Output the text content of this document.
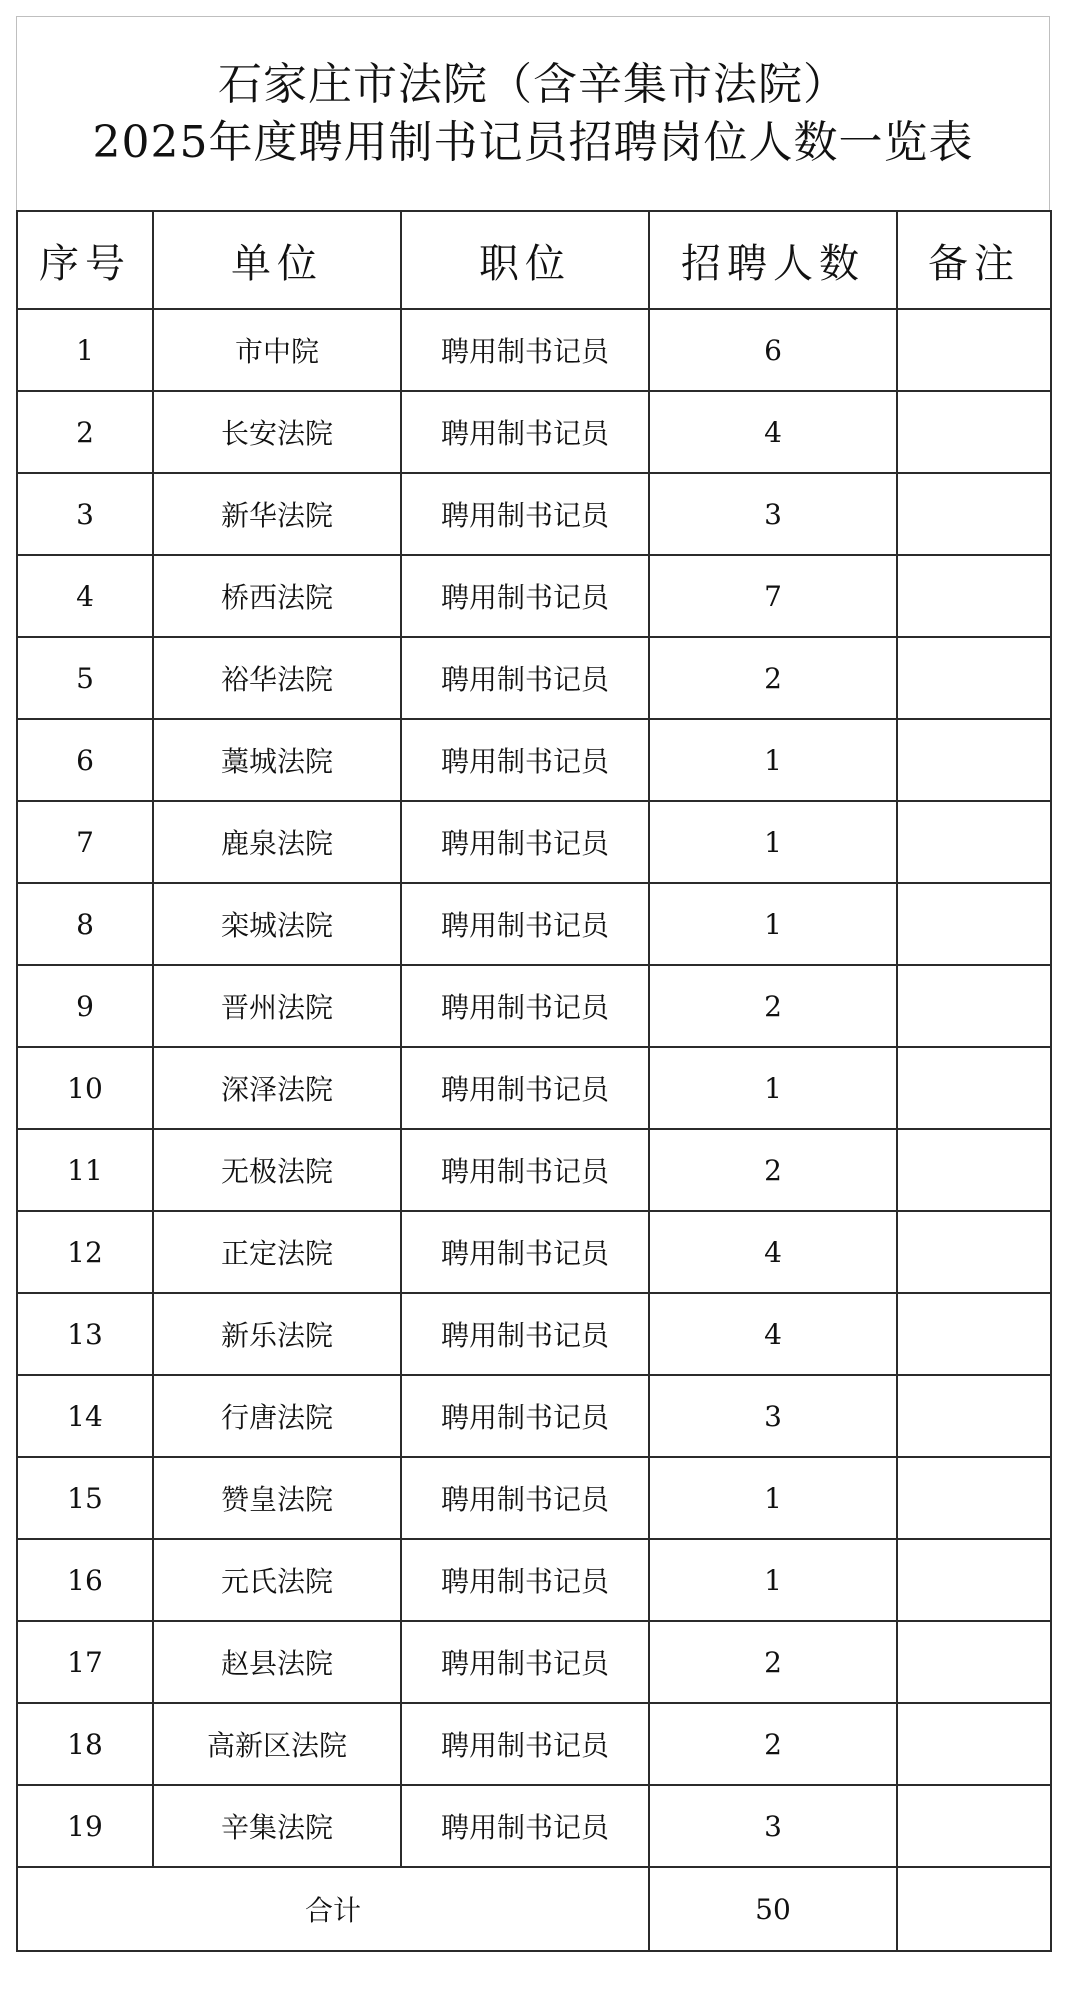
石家庄市法院（含辛集市法院）
2025年度聘用制书记员招聘岗位人数一览表
序号	单位	职位	招聘人数	备注
1	市中院	聘用制书记员	6	
2	长安法院	聘用制书记员	4	
3	新华法院	聘用制书记员	3	
4	桥西法院	聘用制书记员	7	
5	裕华法院	聘用制书记员	2	
6	藁城法院	聘用制书记员	1	
7	鹿泉法院	聘用制书记员	1	
8	栾城法院	聘用制书记员	1	
9	晋州法院	聘用制书记员	2	
10	深泽法院	聘用制书记员	1	
11	无极法院	聘用制书记员	2	
12	正定法院	聘用制书记员	4	
13	新乐法院	聘用制书记员	4	
14	行唐法院	聘用制书记员	3	
15	赞皇法院	聘用制书记员	1	
16	元氏法院	聘用制书记员	1	
17	赵县法院	聘用制书记员	2	
18	高新区法院	聘用制书记员	2	
19	辛集法院	聘用制书记员	3	
合计			50	
